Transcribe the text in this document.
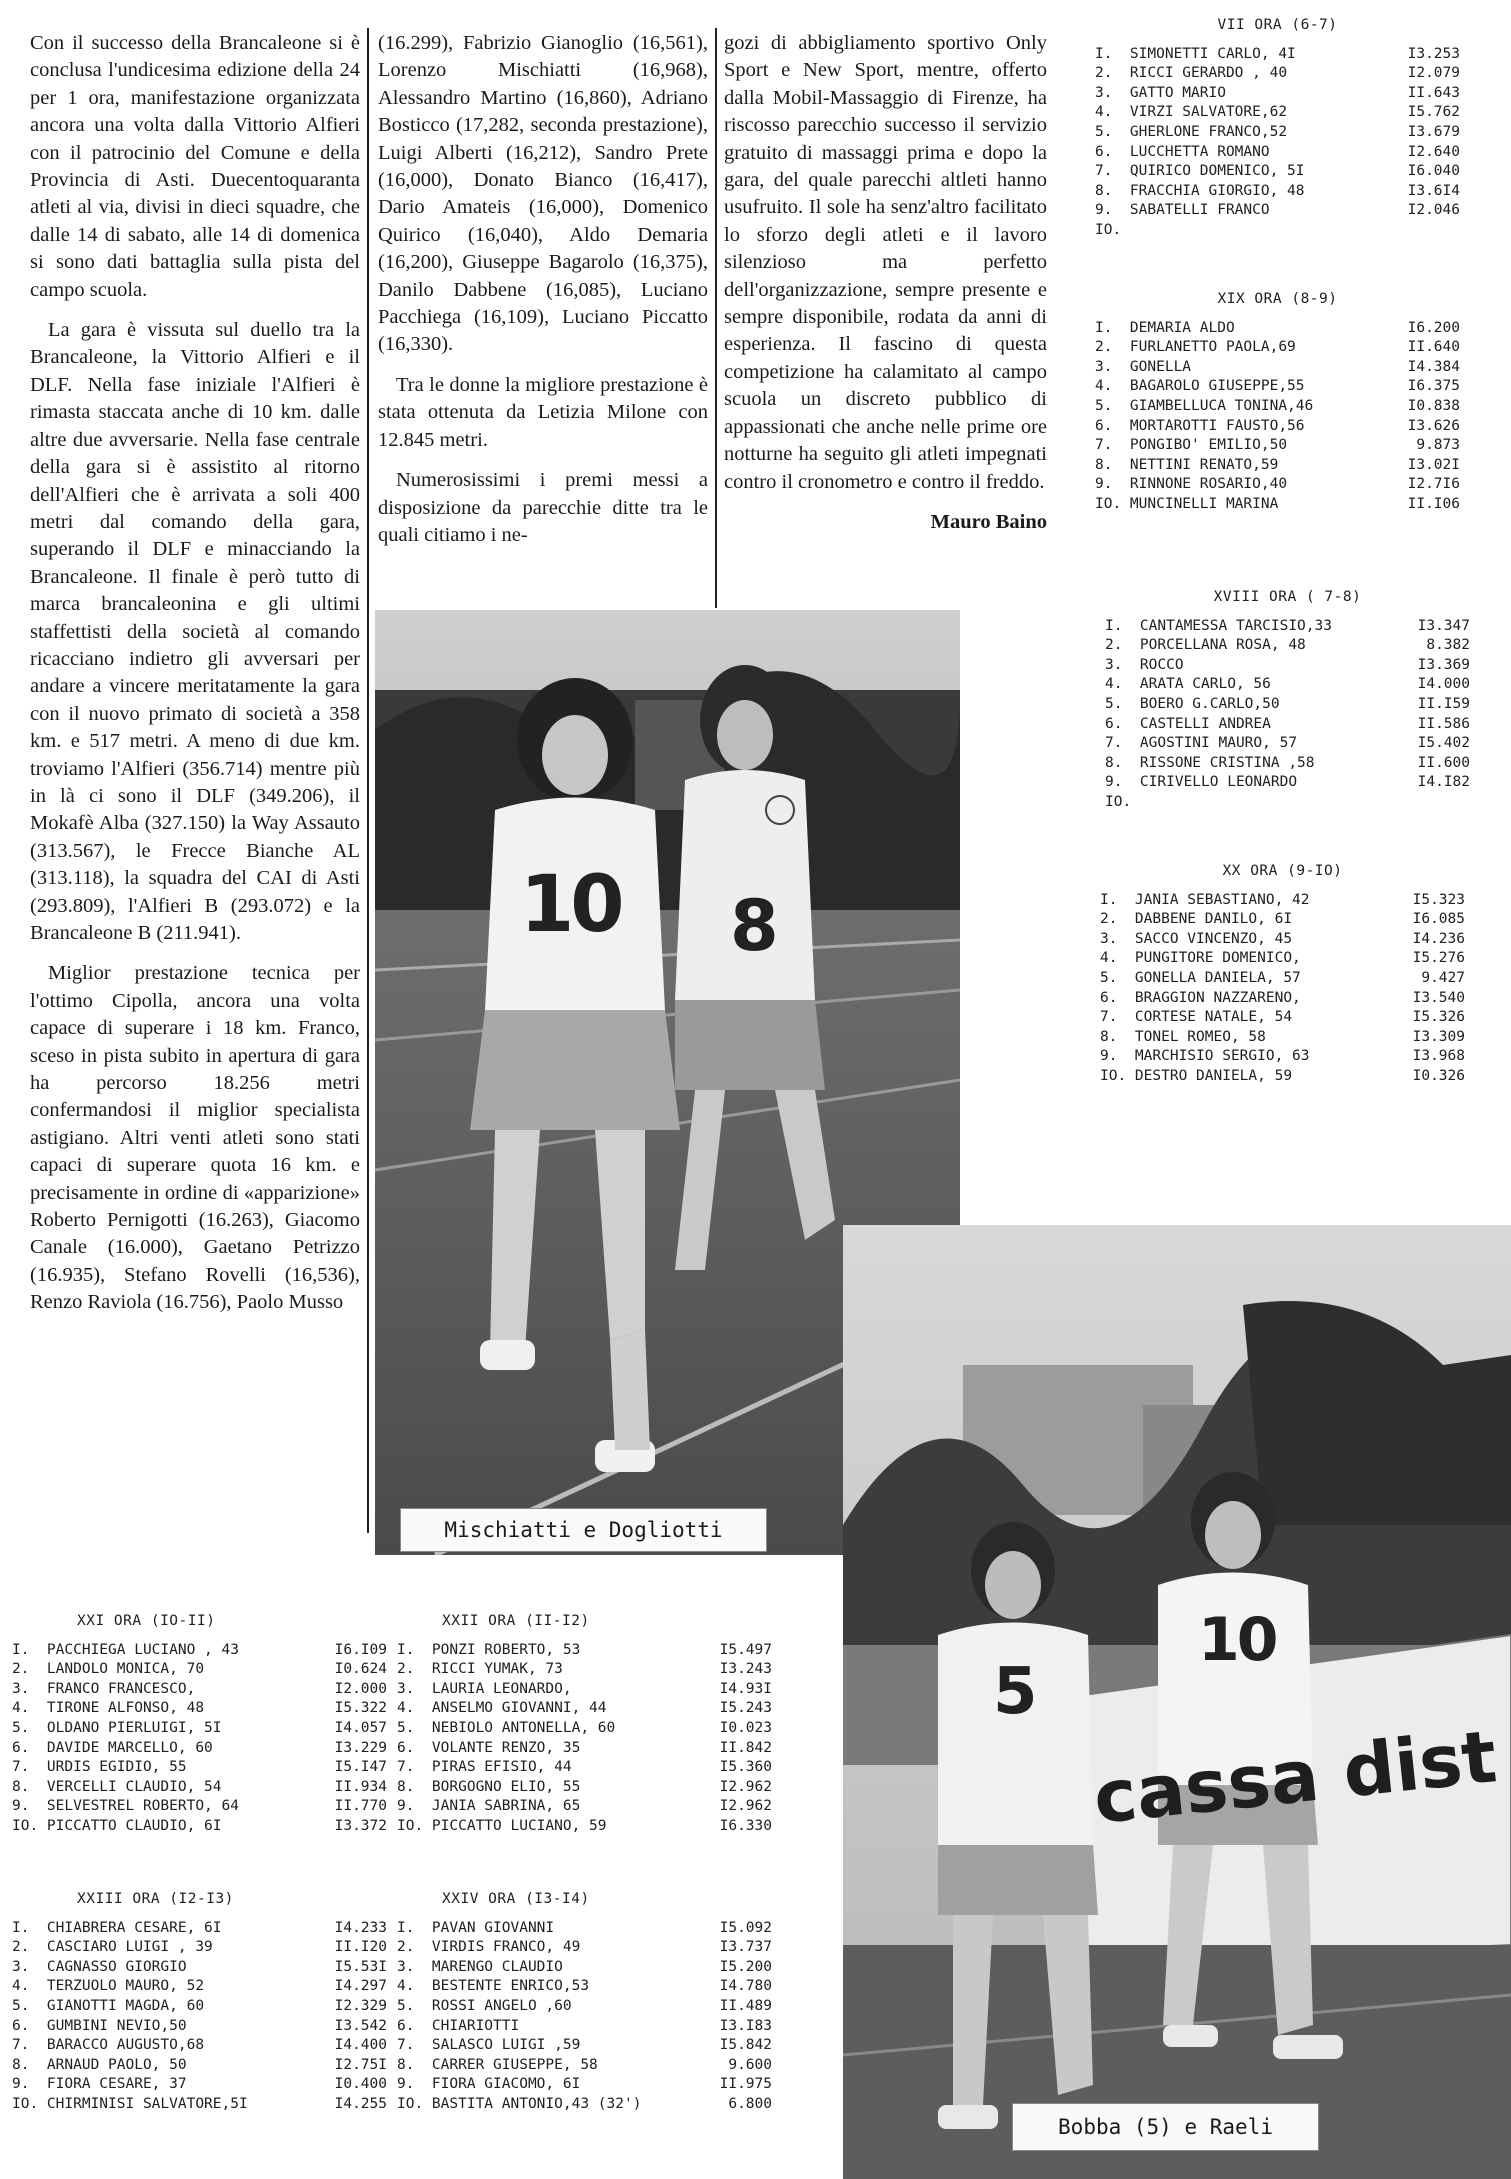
Con il successo della Brancaleone si è conclusa l'undicesima edizione della 24 per 1 ora, manifestazione organizzata ancora una volta dalla Vittorio Alfieri con il patrocinio del Comune e della Provincia di Asti. Duecentoquaranta atleti al via, divisi in dieci squadre, che dalle 14 di sabato, alle 14 di domenica si sono dati battaglia sulla pista del campo scuola.

La gara è vissuta sul duello tra la Brancaleone, la Vittorio Alfieri e il DLF. Nella fase iniziale l'Alfieri è rimasta staccata anche di 10 km. dalle altre due avversarie. Nella fase centrale della gara si è assistito al ritorno dell'Alfieri che è arrivata a soli 400 metri dal comando della gara, superando il DLF e minacciando la Brancaleone. Il finale è però tutto di marca brancaleonina e gli ultimi staffettisti della società al comando ricacciano indietro gli avversari per andare a vincere meritatamente la gara con il nuovo primato di società a 358 km. e 517 metri. A meno di due km. troviamo l'Alfieri (356.714) mentre più in là ci sono il DLF (349.206), il Mokafè Alba (327.150) la Way Assauto (313.567), le Frecce Bianche AL (313.118), la squadra del CAI di Asti (293.809), l'Alfieri B (293.072) e la Brancaleone B (211.941).

Miglior prestazione tecnica per l'ottimo Cipolla, ancora una volta capace di superare i 18 km. Franco, sceso in pista subito in apertura di gara ha percorso 18.256 metri confermandosi il miglior specialista astigiano. Altri venti atleti sono stati capaci di superare quota 16 km. e precisamente in ordine di «apparizione» Roberto Pernigotti (16.263), Giacomo Canale (16.000), Gaetano Petrizzo (16.935), Stefano Rovelli (16,536), Renzo Raviola (16.756), Paolo Musso

(16.299), Fabrizio Gianoglio (16,561), Lorenzo Mischiatti (16,968), Alessandro Martino (16,860), Adriano Bosticco (17,282, seconda prestazione), Luigi Alberti (16,212), Sandro Prete (16,000), Donato Bianco (16,417), Dario Amateis (16,000), Domenico Quirico (16,040), Aldo Demaria (16,200), Giuseppe Bagarolo (16,375), Danilo Dabbene (16,085), Luciano Pacchiega (16,109), Luciano Piccatto (16,330).

Tra le donne la migliore prestazione è stata ottenuta da Letizia Milone con 12.845 metri.

Numerosissimi i premi messi a disposizione da parecchie ditte tra le quali citiamo i ne-

gozi di abbigliamento sportivo Only Sport e New Sport, mentre, offerto dalla Mobil-Massaggio di Firenze, ha riscosso parecchio successo il servizio gratuito di massaggi prima e dopo la gara, del quale parecchi altleti hanno usufruito. Il sole ha senz'altro facilitato lo sforzo degli atleti e il lavoro silenzioso ma perfetto dell'organizzazione, sempre presente e sempre disponibile, rodata da anni di esperienza. Il fascino di questa competizione ha calamitato al campo scuola un discreto pubblico di appassionati che anche nelle prime ore notturne ha seguito gli atleti impegnati contro il cronometro e contro il freddo.

Mauro Baino
10 8
Mischiatti e Dogliotti
VII ORA (6-7)
I.  SIMONETTI CARLO, 4I	I3.253
2.  RICCI GERARDO , 40	I2.079
3.  GATTO MARIO	II.643
4.  VIRZI SALVATORE,62	I5.762
5.  GHERLONE FRANCO,52	I3.679
6.  LUCCHETTA ROMANO	I2.640
7.  QUIRICO DOMENICO, 5I	I6.040
8.  FRACCHIA GIORGIO, 48	I3.6I4
9.  SABATELLI FRANCO	I2.046
IO.
XIX ORA (8-9)
I.  DEMARIA ALDO	I6.200
2.  FURLANETTO PAOLA,69	II.640
3.  GONELLA	I4.384
4.  BAGAROLO GIUSEPPE,55	I6.375
5.  GIAMBELLUCA TONINA,46	I0.838
6.  MORTAROTTI FAUSTO,56	I3.626
7.  PONGIBO' EMILIO,50	9.873
8.  NETTINI RENATO,59	I3.02I
9.  RINNONE ROSARIO,40	I2.7I6
IO. MUNCINELLI MARINA	II.I06
XVIII ORA ( 7-8)
I.  CANTAMESSA TARCISIO,33	I3.347
2.  PORCELLANA ROSA, 48	8.382
3.  ROCCO	I3.369
4.  ARATA CARLO, 56	I4.000
5.  BOERO G.CARLO,50	II.I59
6.  CASTELLI ANDREA	II.586
7.  AGOSTINI MAURO, 57	I5.402
8.  RISSONE CRISTINA ,58	II.600
9.  CIRIVELLO LEONARDO	I4.I82
IO.
XX ORA (9-IO)
I.  JANIA SEBASTIANO, 42	I5.323
2.  DABBENE DANILO, 6I	I6.085
3.  SACCO VINCENZO, 45	I4.236
4.  PUNGITORE DOMENICO,	I5.276
5.  GONELLA DANIELA, 57	9.427
6.  BRAGGION NAZZARENO,	I3.540
7.  CORTESE NATALE, 54	I5.326
8.  TONEL ROMEO, 58	I3.309
9.  MARCHISIO SERGIO, 63	I3.968
IO. DESTRO DANIELA, 59	I0.326
XXI ORA (IO-II)
I.  PACCHIEGA LUCIANO , 43	I6.I09
2.  LANDOLO MONICA, 70	I0.624
3.  FRANCO FRANCESCO,	I2.000
4.  TIRONE ALFONSO, 48	I5.322
5.  OLDANO PIERLUIGI, 5I	I4.057
6.  DAVIDE MARCELLO, 60	I3.229
7.  URDIS EGIDIO, 55	I5.I47
8.  VERCELLI CLAUDIO, 54	II.934
9.  SELVESTREL ROBERTO, 64	II.770
IO. PICCATTO CLAUDIO, 6I	I3.372
XXII ORA (II-I2)
I.  PONZI ROBERTO, 53	I5.497
2.  RICCI YUMAK, 73	I3.243
3.  LAURIA LEONARDO,	I4.93I
4.  ANSELMO GIOVANNI, 44	I5.243
5.  NEBIOLO ANTONELLA, 60	I0.023
6.  VOLANTE RENZO, 35	II.842
7.  PIRAS EFISIO, 44	I5.360
8.  BORGOGNO ELIO, 55	I2.962
9.  JANIA SABRINA, 65	I2.962
IO. PICCATTO LUCIANO, 59	I6.330
XXIII ORA (I2-I3)
I.  CHIABRERA CESARE, 6I	I4.233
2.  CASCIARO LUIGI , 39	II.I20
3.  CAGNASSO GIORGIO	I5.53I
4.  TERZUOLO MAURO, 52	I4.297
5.  GIANOTTI MAGDA, 60	I2.329
6.  GUMBINI NEVIO,50	I3.542
7.  BARACCO AUGUSTO,68	I4.400
8.  ARNAUD PAOLO, 50	I2.75I
9.  FIORA CESARE, 37	I0.400
IO. CHIRMINISI SALVATORE,5I	I4.255
XXIV ORA (I3-I4)
I.  PAVAN GIOVANNI	I5.092
2.  VIRDIS FRANCO, 49	I3.737
3.  MARENGO CLAUDIO	I5.200
4.  BESTENTE ENRICO,53	I4.780
5.  ROSSI ANGELO ,60	II.489
6.  CHIARIOTTI	I3.I83
7.  SALASCO LUIGI ,59	I5.842
8.  CARRER GIUSEPPE, 58	9.600
9.  FIORA GIACOMO, 6I	II.975
IO. BASTITA ANTONIO,43 (32')	6.800
cassa dist
5
10
Bobba (5) e Raeli
